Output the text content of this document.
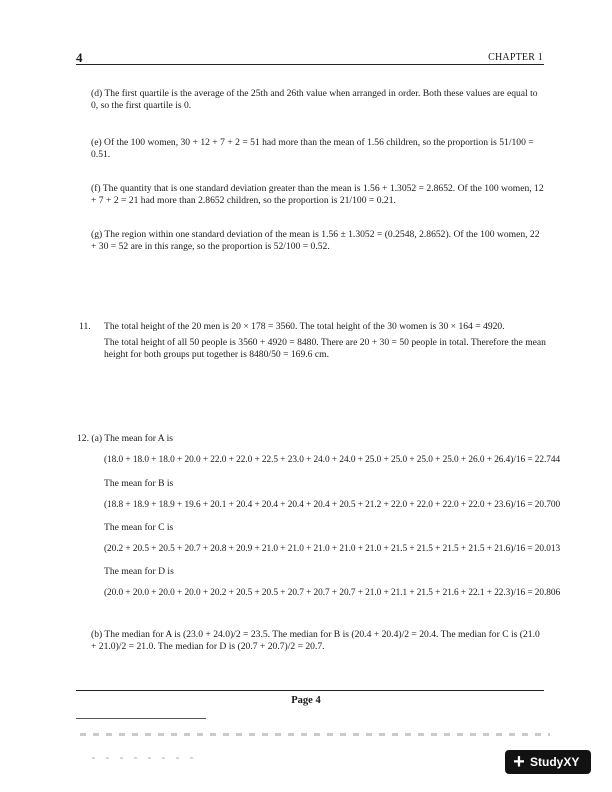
4	CHAPTER 1
(d) The first quartile is the average of the 25th and 26th value when arranged in order. Both these values are equal to 0, so the first quartile is 0.
(e) Of the 100 women, 30 + 12 + 7 + 2 = 51 had more than the mean of 1.56 children, so the proportion is 51/100 = 0.51.
(f) The quantity that is one standard deviation greater than the mean is 1.56 + 1.3052 = 2.8652. Of the 100 women, 12 + 7 + 2 = 21 had more than 2.8652 children, so the proportion is 21/100 = 0.21.
(g) The region within one standard deviation of the mean is 1.56 ± 1.3052 = (0.2548, 2.8652). Of the 100 women, 22 + 30 = 52 are in this range, so the proportion is 52/100 = 0.52.
11. The total height of the 20 men is 20 × 178 = 3560. The total height of the 30 women is 30 × 164 = 4920.
The total height of all 50 people is 3560 + 4920 = 8480. There are 20 + 30 = 50 people in total. Therefore the mean height for both groups put together is 8480/50 = 169.6 cm.
12. (a) The mean for A is
(18.0 + 18.0 + 18.0 + 20.0 + 22.0 + 22.0 + 22.5 + 23.0 + 24.0 + 24.0 + 25.0 + 25.0 + 25.0 + 25.0 + 26.0 + 26.4)/16 = 22.744
The mean for B is
(18.8 + 18.9 + 18.9 + 19.6 + 20.1 + 20.4 + 20.4 + 20.4 + 20.4 + 20.5 + 21.2 + 22.0 + 22.0 + 22.0 + 22.0 + 23.6)/16 = 20.700
The mean for C is
(20.2 + 20.5 + 20.5 + 20.7 + 20.8 + 20.9 + 21.0 + 21.0 + 21.0 + 21.0 + 21.0 + 21.5 + 21.5 + 21.5 + 21.5 + 21.6)/16 = 20.013
The mean for D is
(20.0 + 20.0 + 20.0 + 20.0 + 20.2 + 20.5 + 20.5 + 20.7 + 20.7 + 20.7 + 21.0 + 21.1 + 21.5 + 21.6 + 22.1 + 22.3)/16 = 20.806
(b) The median for A is (23.0 + 24.0)/2 = 23.5. The median for B is (20.4 + 20.4)/2 = 20.4. The median for C is (21.0 + 21.0)/2 = 21.0. The median for D is (20.7 + 20.7)/2 = 20.7.
Page 4
+ StudyXY
